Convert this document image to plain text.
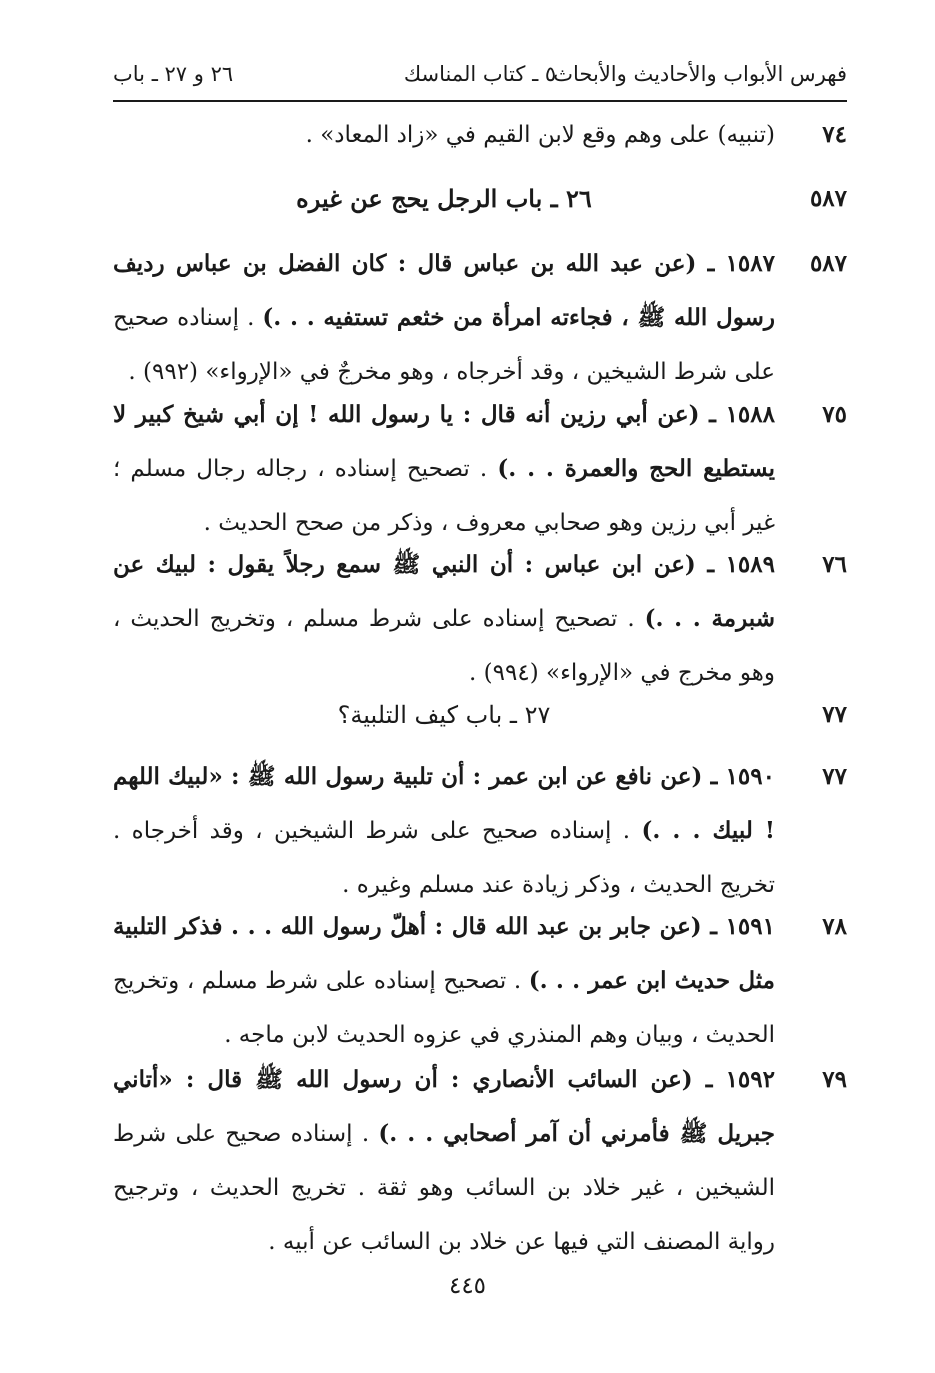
فهرس الأبواب والأحاديث والأبحاث
٥ ـ كتاب المناسك
٢٦ و ٢٧ ـ باب
٧٤
(تنبيه) على وهم وقع لابن القيم في «زاد المعاد» .
٥٨٧
٢٦ ـ باب الرجل يحج عن غيره
٥٨٧
١٥٨٧ ـ (عن عبد الله بن عباس قال : كان الفضل بن عباس رديف رسول الله ﷺ ، فجاءته امرأة من خثعم تستفيه . . .) . إسناده صحيح على شرط الشيخين ، وقد أخرجاه ، وهو مخرجٌ في «الإرواء» (٩٩٢) .
٧٥
١٥٨٨ ـ (عن أبي رزين أنه قال : يا رسول الله ! إن أبي شيخ كبير لا يستطيع الحج والعمرة . . .) . تصحيح إسناده ، رجاله رجال مسلم ؛ غير أبي رزين وهو صحابي معروف ، وذكر من صحح الحديث .
٧٦
١٥٨٩ ـ (عن ابن عباس : أن النبي ﷺ سمع رجلاً يقول : لبيك عن شبرمة . . .) . تصحيح إسناده على شرط مسلم ، وتخريج الحديث ، وهو مخرج في «الإرواء» (٩٩٤) .
٧٧
٢٧ ـ باب كيف التلبية؟
٧٧
١٥٩٠ ـ (عن نافع عن ابن عمر : أن تلبية رسول الله ﷺ : «لبيك اللهم ! لبيك . . .) . إسناده صحيح على شرط الشيخين ، وقد أخرجاه . تخريج الحديث ، وذكر زيادة عند مسلم وغيره .
٧٨
١٥٩١ ـ (عن جابر بن عبد الله قال : أهلّ رسول الله . . . فذكر التلبية مثل حديث ابن عمر . . .) . تصحيح إسناده على شرط مسلم ، وتخريج الحديث ، وبيان وهم المنذري في عزوه الحديث لابن ماجه .
٧٩
١٥٩٢ ـ (عن السائب الأنصاري : أن رسول الله ﷺ قال : «أتاني جبريل ﷺ فأمرني أن آمر أصحابي . . .) . إسناده صحيح على شرط الشيخين ، غير خلاد بن السائب وهو ثقة . تخريج الحديث ، وترجيح رواية المصنف التي فيها عن خلاد بن السائب عن أبيه .
٤٤٥
